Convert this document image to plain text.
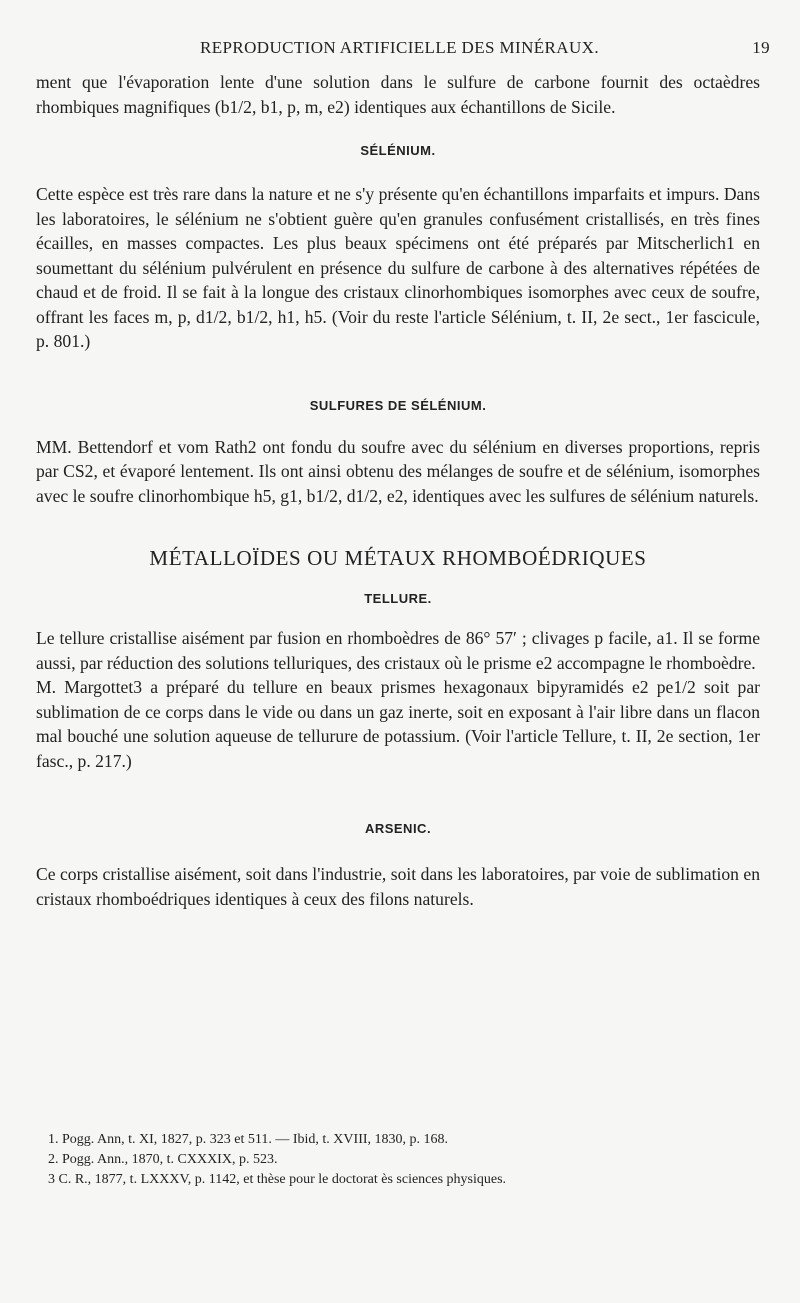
REPRODUCTION ARTIFICIELLE DES MINÉRAUX.	19

ment que l'évaporation lente d'une solution dans le sulfure de carbone fournit des octaèdres rhombiques magnifiques (b1/2, b1, p, m, e2) identiques aux échantillons de Sicile.

SÉLÉNIUM.

Cette espèce est très rare dans la nature et ne s'y présente qu'en échantillons imparfaits et impurs. Dans les laboratoires, le sélénium ne s'obtient guère qu'en granules confusément cristallisés, en très fines écailles, en masses compactes. Les plus beaux spécimens ont été préparés par Mitscherlich1 en soumettant du sélénium pulvérulent en présence du sulfure de carbone à des alternatives répétées de chaud et de froid. Il se fait à la longue des cristaux clinorhombiques isomorphes avec ceux de soufre, offrant les faces m, p, d1/2, b1/2, h1, h5. (Voir du reste l'article Sélénium, t. II, 2e sect., 1er fascicule, p. 801.)

SULFURES DE SÉLÉNIUM.

MM. Bettendorf et vom Rath2 ont fondu du soufre avec du sélénium en diverses proportions, repris par CS2, et évaporé lentement. Ils ont ainsi obtenu des mélanges de soufre et de sélénium, isomorphes avec le soufre clinorhombique h5, g1, b1/2, d1/2, e2, identiques avec les sulfures de sélénium naturels.

MÉTALLOÏDES OU MÉTAUX RHOMBOÉDRIQUES
TELLURE.

Le tellure cristallise aisément par fusion en rhomboèdres de 86° 57′ ; clivages p facile, a1. Il se forme aussi, par réduction des solutions telluriques, des cristaux où le prisme e2 accompagne le rhomboèdre.

M. Margottet3 a préparé du tellure en beaux prismes hexagonaux bipyramidés e2 pe1/2 soit par sublimation de ce corps dans le vide ou dans un gaz inerte, soit en exposant à l'air libre dans un flacon mal bouché une solution aqueuse de tellurure de potassium. (Voir l'article Tellure, t. II, 2e section, 1er fasc., p. 217.)

ARSENIC.

Ce corps cristallise aisément, soit dans l'industrie, soit dans les laboratoires, par voie de sublimation en cristaux rhomboédriques identiques à ceux des filons naturels.

1. Pogg. Ann, t. XI, 1827, p. 323 et 511. — Ibid, t. XVIII, 1830, p. 168.
2. Pogg. Ann., 1870, t. CXXXIX, p. 523.
3 C. R., 1877, t. LXXXV, p. 1142, et thèse pour le doctorat ès sciences physiques.
